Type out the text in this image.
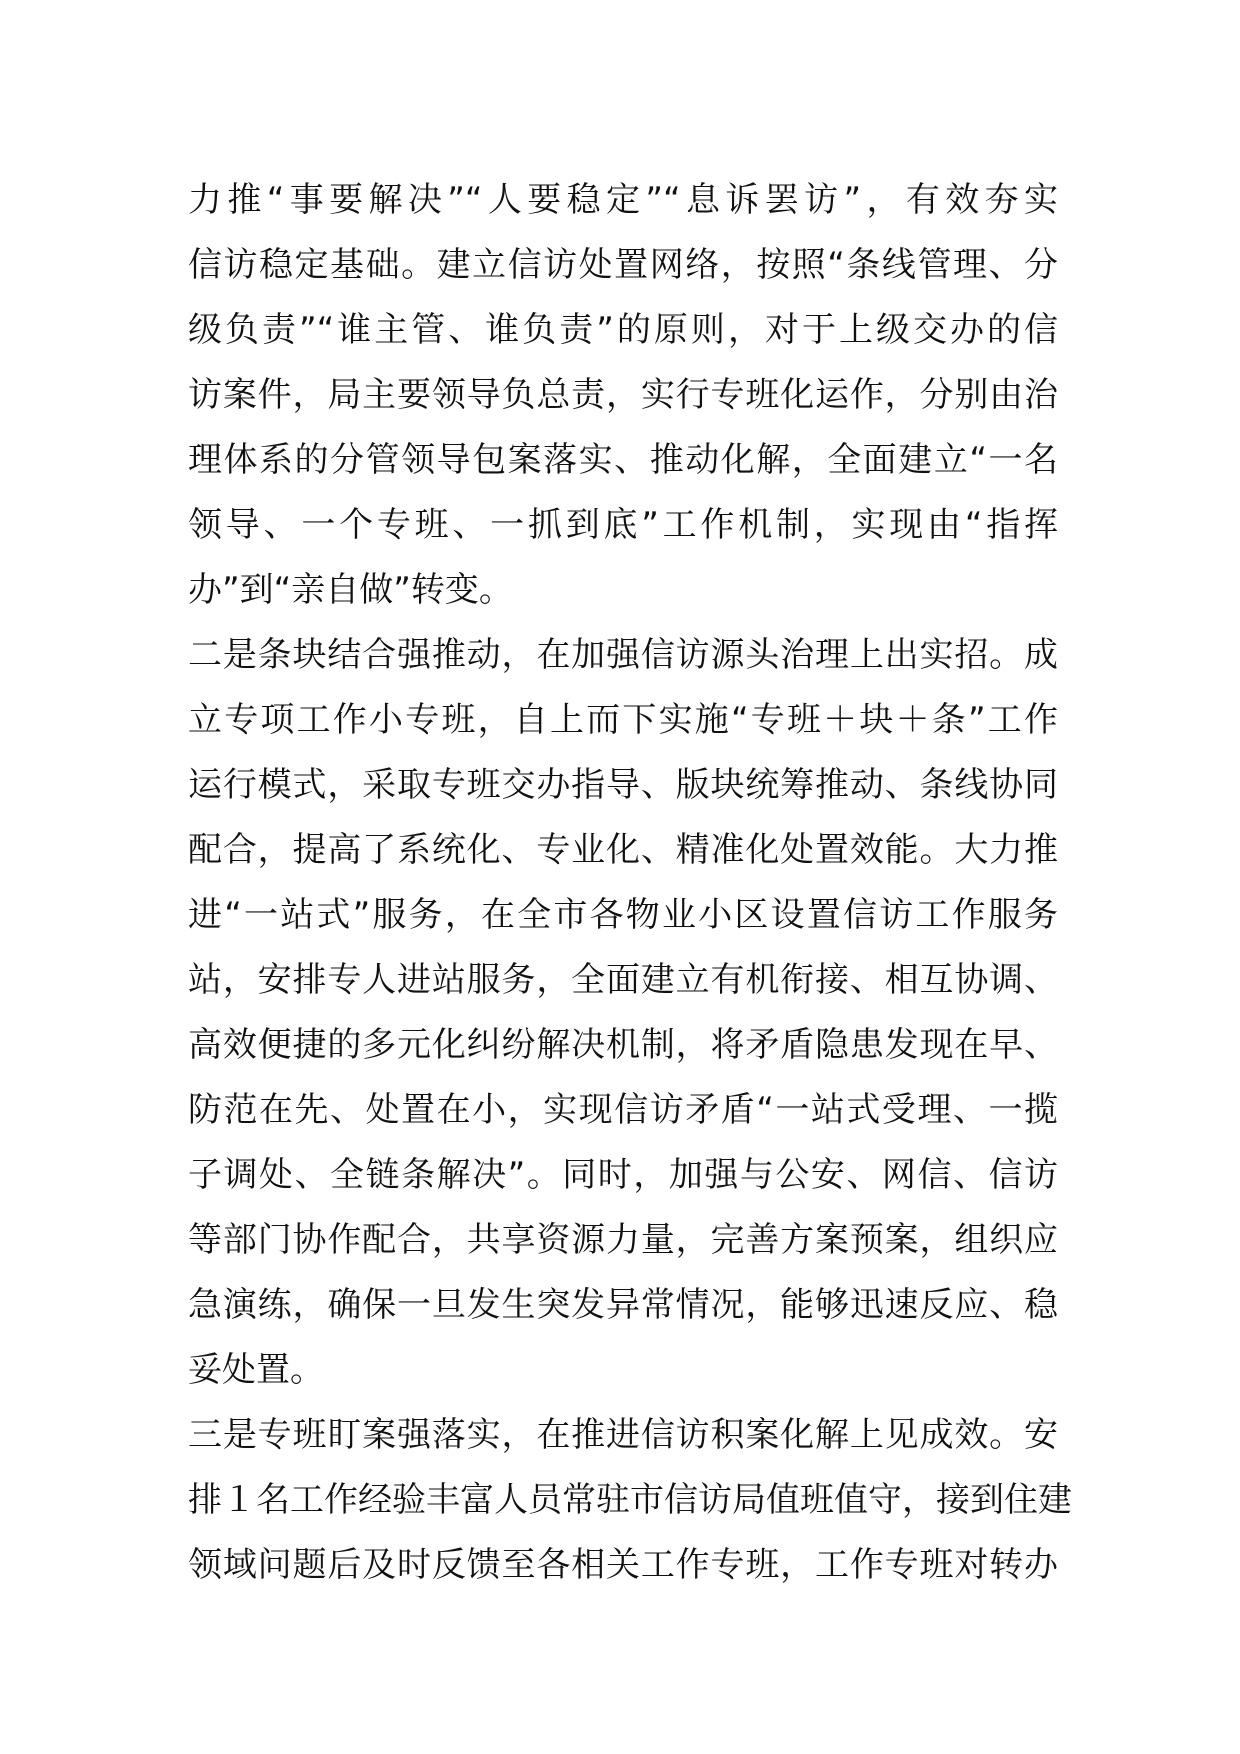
力推“事要解决”“人要稳定”“息诉罢访”，有效夯实
信访稳定基础。建立信访处置网络，按照“条线管理、分
级负责”“谁主管、谁负责”的原则，对于上级交办的信
访案件，局主要领导负总责，实行专班化运作，分别由治
理体系的分管领导包案落实、推动化解，全面建立“一名
领导、一个专班、一抓到底”工作机制，实现由“指挥
办”到“亲自做”转变。
二是条块结合强推动，在加强信访源头治理上出实招。成
立专项工作小专班，自上而下实施“专班＋块＋条”工作
运行模式，采取专班交办指导、版块统筹推动、条线协同
配合，提高了系统化、专业化、精准化处置效能。大力推
进“一站式”服务，在全市各物业小区设置信访工作服务
站，安排专人进站服务，全面建立有机衔接、相互协调、
高效便捷的多元化纠纷解决机制，将矛盾隐患发现在早、
防范在先、处置在小，实现信访矛盾“一站式受理、一揽
子调处、全链条解决”。同时，加强与公安、网信、信访
等部门协作配合，共享资源力量，完善方案预案，组织应
急演练，确保一旦发生突发异常情况，能够迅速反应、稳
妥处置。
三是专班盯案强落实，在推进信访积案化解上见成效。安
排１名工作经验丰富人员常驻市信访局值班值守，接到住建
领域问题后及时反馈至各相关工作专班，工作专班对转办
